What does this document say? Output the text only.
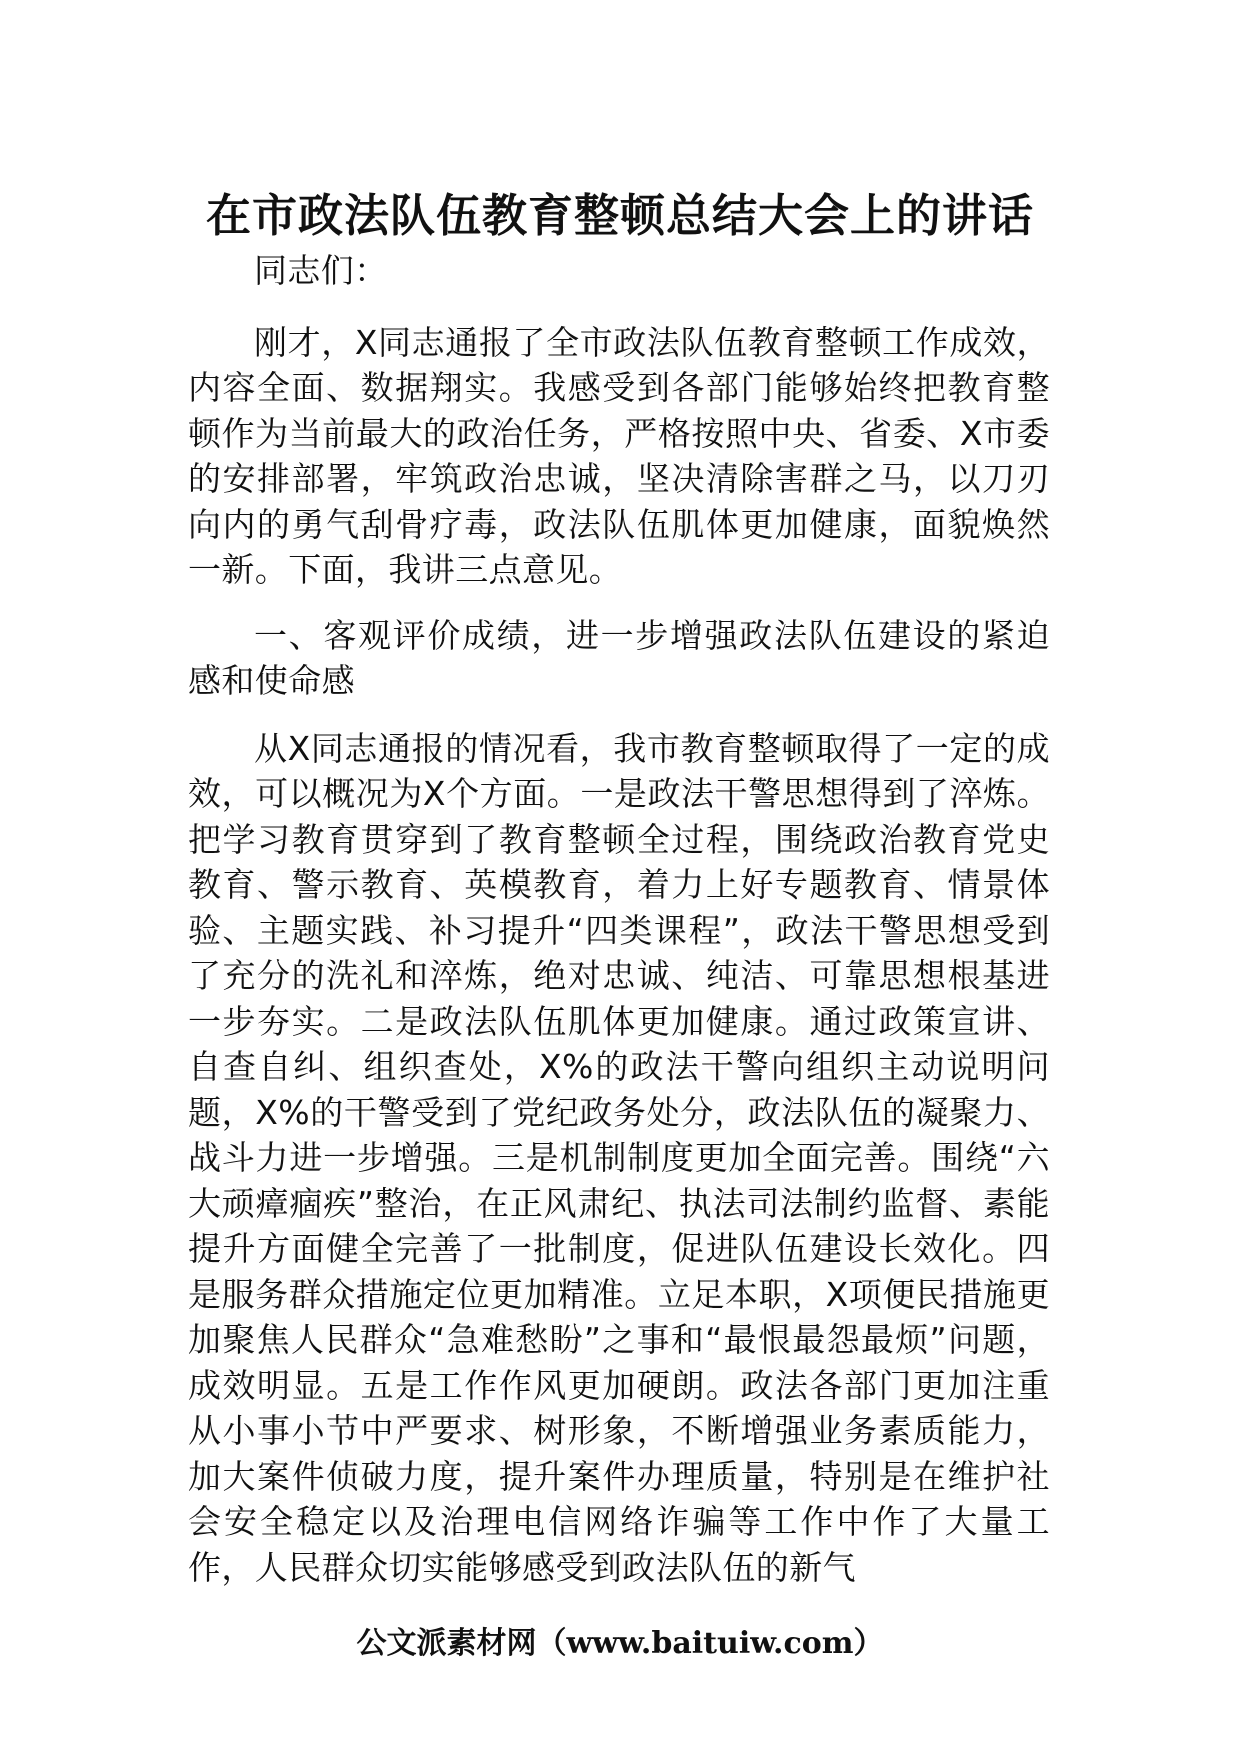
在市政法队伍教育整顿总结大会上的讲话

同志们：

刚才，X同志通报了全市政法队伍教育整顿工作成效，内容全面、数据翔实。我感受到各部门能够始终把教育整顿作为当前最大的政治任务，严格按照中央、省委、X市委的安排部署，牢筑政治忠诚，坚决清除害群之马，以刀刃向内的勇气刮骨疗毒，政法队伍肌体更加健康，面貌焕然一新。下面，我讲三点意见。

一、客观评价成绩，进一步增强政法队伍建设的紧迫感和使命感

从X同志通报的情况看，我市教育整顿取得了一定的成效，可以概况为X个方面。一是政法干警思想得到了淬炼。把学习教育贯穿到了教育整顿全过程，围绕政治教育党史教育、警示教育、英模教育，着力上好专题教育、情景体验、主题实践、补习提升“四类课程”，政法干警思想受到了充分的洗礼和淬炼，绝对忠诚、纯洁、可靠思想根基进一步夯实。二是政法队伍肌体更加健康。通过政策宣讲、自查自纠、组织查处，X%的政法干警向组织主动说明问题，X%的干警受到了党纪政务处分，政法队伍的凝聚力、战斗力进一步增强。三是机制制度更加全面完善。围绕“六大顽瘴痼疾”整治，在正风肃纪、执法司法制约监督、素能提升方面健全完善了一批制度，促进队伍建设长效化。四是服务群众措施定位更加精准。立足本职，X项便民措施更加聚焦人民群众“急难愁盼”之事和“最恨最怨最烦”问题，成效明显。五是工作作风更加硬朗。政法各部门更加注重从小事小节中严要求、树形象，不断增强业务素质能力，加大案件侦破力度，提升案件办理质量，特别是在维护社会安全稳定以及治理电信网络诈骗等工作中作了大量工作，人民群众切实能够感受到政法队伍的新气

公文派素材网（www.baituiw.com）
